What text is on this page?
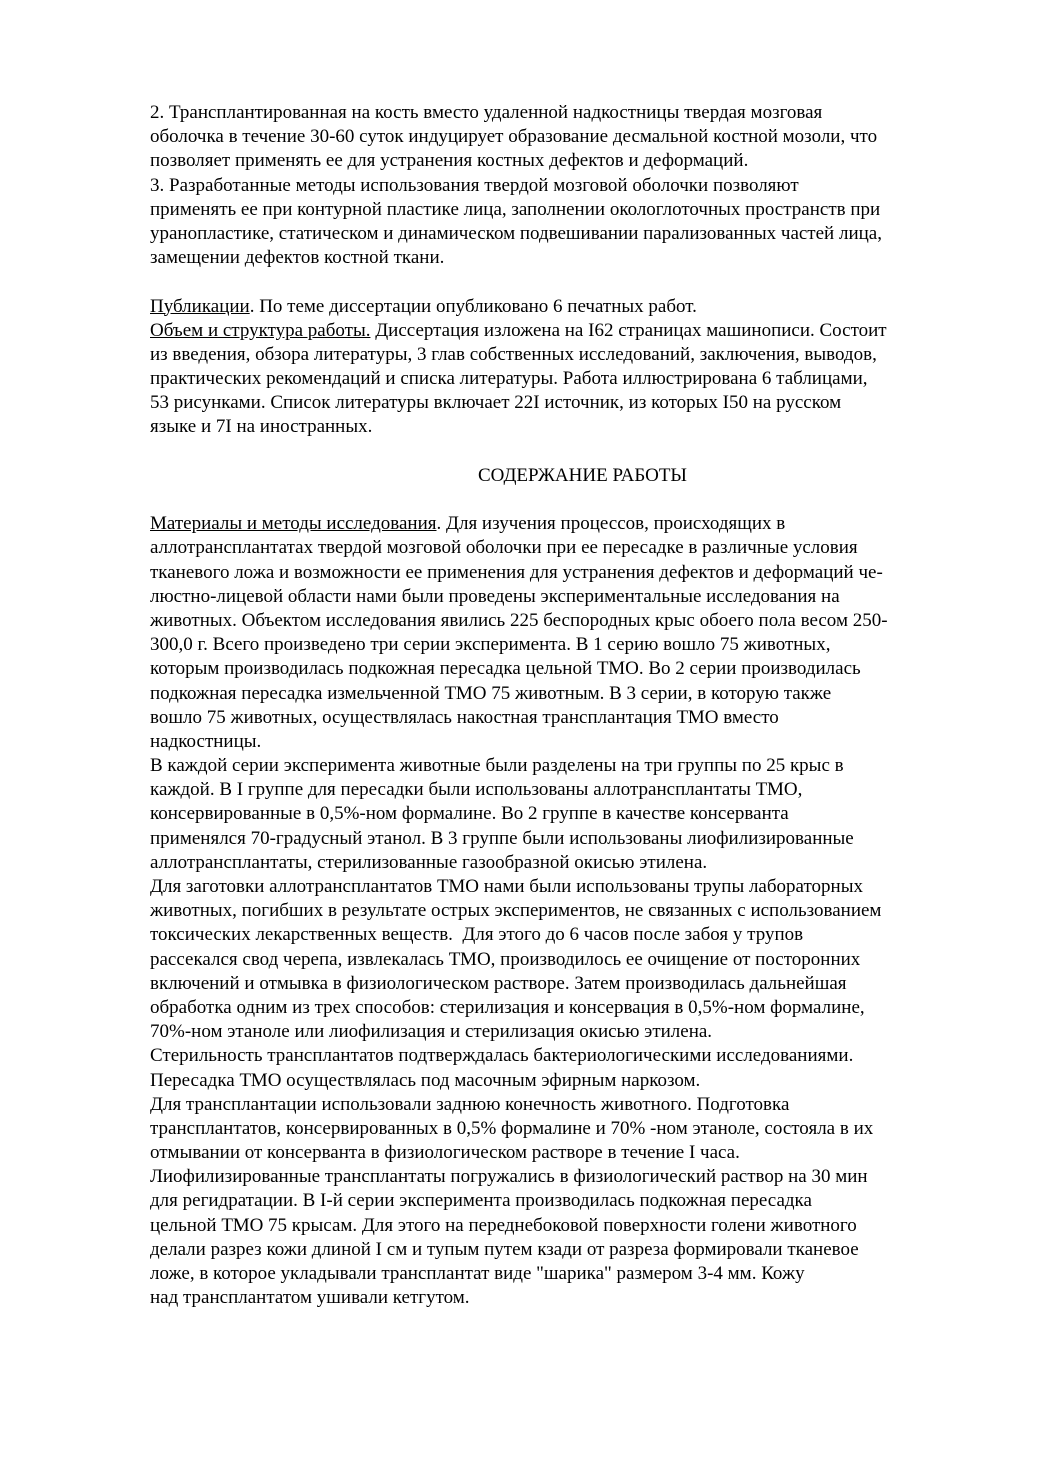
2. Трансплантированная на кость вместо удаленной надкостницы твердая мозговая
оболочка в течение 30-60 суток индуцирует образование десмальной костной мозоли, что
позволяет применять ее для устранения костных дефектов и деформаций.
3. Разработанные методы использования твердой мозговой оболочки позволяют
применять ее при контурной пластике лица, заполнении окологлоточных пространств при
уранопластике, статическом и динамическом подвешивании парализованных частей лица,
замещении дефектов костной ткани.
Публикации. По теме диссертации опубликовано 6 печатных работ.
Объем и структура работы. Диссертация изложена на I62 страницах машинописи. Состоит
из введения, обзора литературы, 3 глав собственных исследований, заключения, выводов,
практических рекомендаций и списка литературы. Работа иллюстрирована 6 таблицами,
53 рисунками. Список литературы включает 22I источник, из которых I50 на русском
языке и 7I на иностранных.
СОДЕРЖАНИЕ РАБОТЫ
Материалы и методы исследования. Для изучения процессов, происходящих в
аллотрансплантатах твердой мозговой оболочки при ее пересадке в различные условия
тканевого ложа и возможности ее применения для устранения дефектов и деформаций че-
люстно-лицевой области нами были проведены экспериментальные исследования на
животных. Объектом исследования явились 225 беспородных крыс обоего пола весом 250-
300,0 г. Всего произведено три серии эксперимента. В 1 серию вошло 75 животных,
которым производилась подкожная пересадка цельной ТМО. Во 2 серии производилась
подкожная пересадка измельченной ТМО 75 животным. В 3 серии, в которую также
вошло 75 животных, осуществлялась накостная трансплантация ТМО вместо
надкостницы.
В каждой серии эксперимента животные были разделены на три группы по 25 крыс в
каждой. В I группе для пересадки были использованы аллотрансплантаты ТМО,
консервированные в 0,5%-ном формалине. Во 2 группе в качестве консерванта
применялся 70-градусный этанол. В 3 группе были использованы лиофилизированные
аллотрансплантаты, стерилизованные газообразной окисью этилена.
Для заготовки аллотрансплантатов ТМО нами были использованы трупы лабораторных
животных, погибших в результате острых экспериментов, не связанных с использованием
токсических лекарственных веществ.  Для этого до 6 часов после забоя у трупов
рассекался свод черепа, извлекалась ТМО, производилось ее очищение от посторонних
включений и отмывка в физиологическом растворе. Затем производилась дальнейшая
обработка одним из трех способов: стерилизация и консервация в 0,5%-ном формалине,
70%-ном этаноле или лиофилизация и стерилизация окисью этилена.
Стерильность трансплантатов подтверждалась бактериологическими исследованиями.
Пересадка ТМО осуществлялась под масочным эфирным наркозом.
Для трансплантации использовали заднюю конечность животного. Подготовка
трансплантатов, консервированных в 0,5% формалине и 70% -ном этаноле, состояла в их
отмывании от консерванта в физиологическом растворе в течение I часа.
Лиофилизированные трансплантаты погружались в физиологический раствор на 30 мин
для регидратации. В I-й серии эксперимента производилась подкожная пересадка
цельной ТМО 75 крысам. Для этого на переднебоковой поверхности голени животного
делали разрез кожи длиной I см и тупым путем кзади от разреза формировали тканевое
ложе, в которое укладывали трансплантат виде "шарика" размером 3-4 мм. Кожу
над трансплантатом ушивали кетгутом.
